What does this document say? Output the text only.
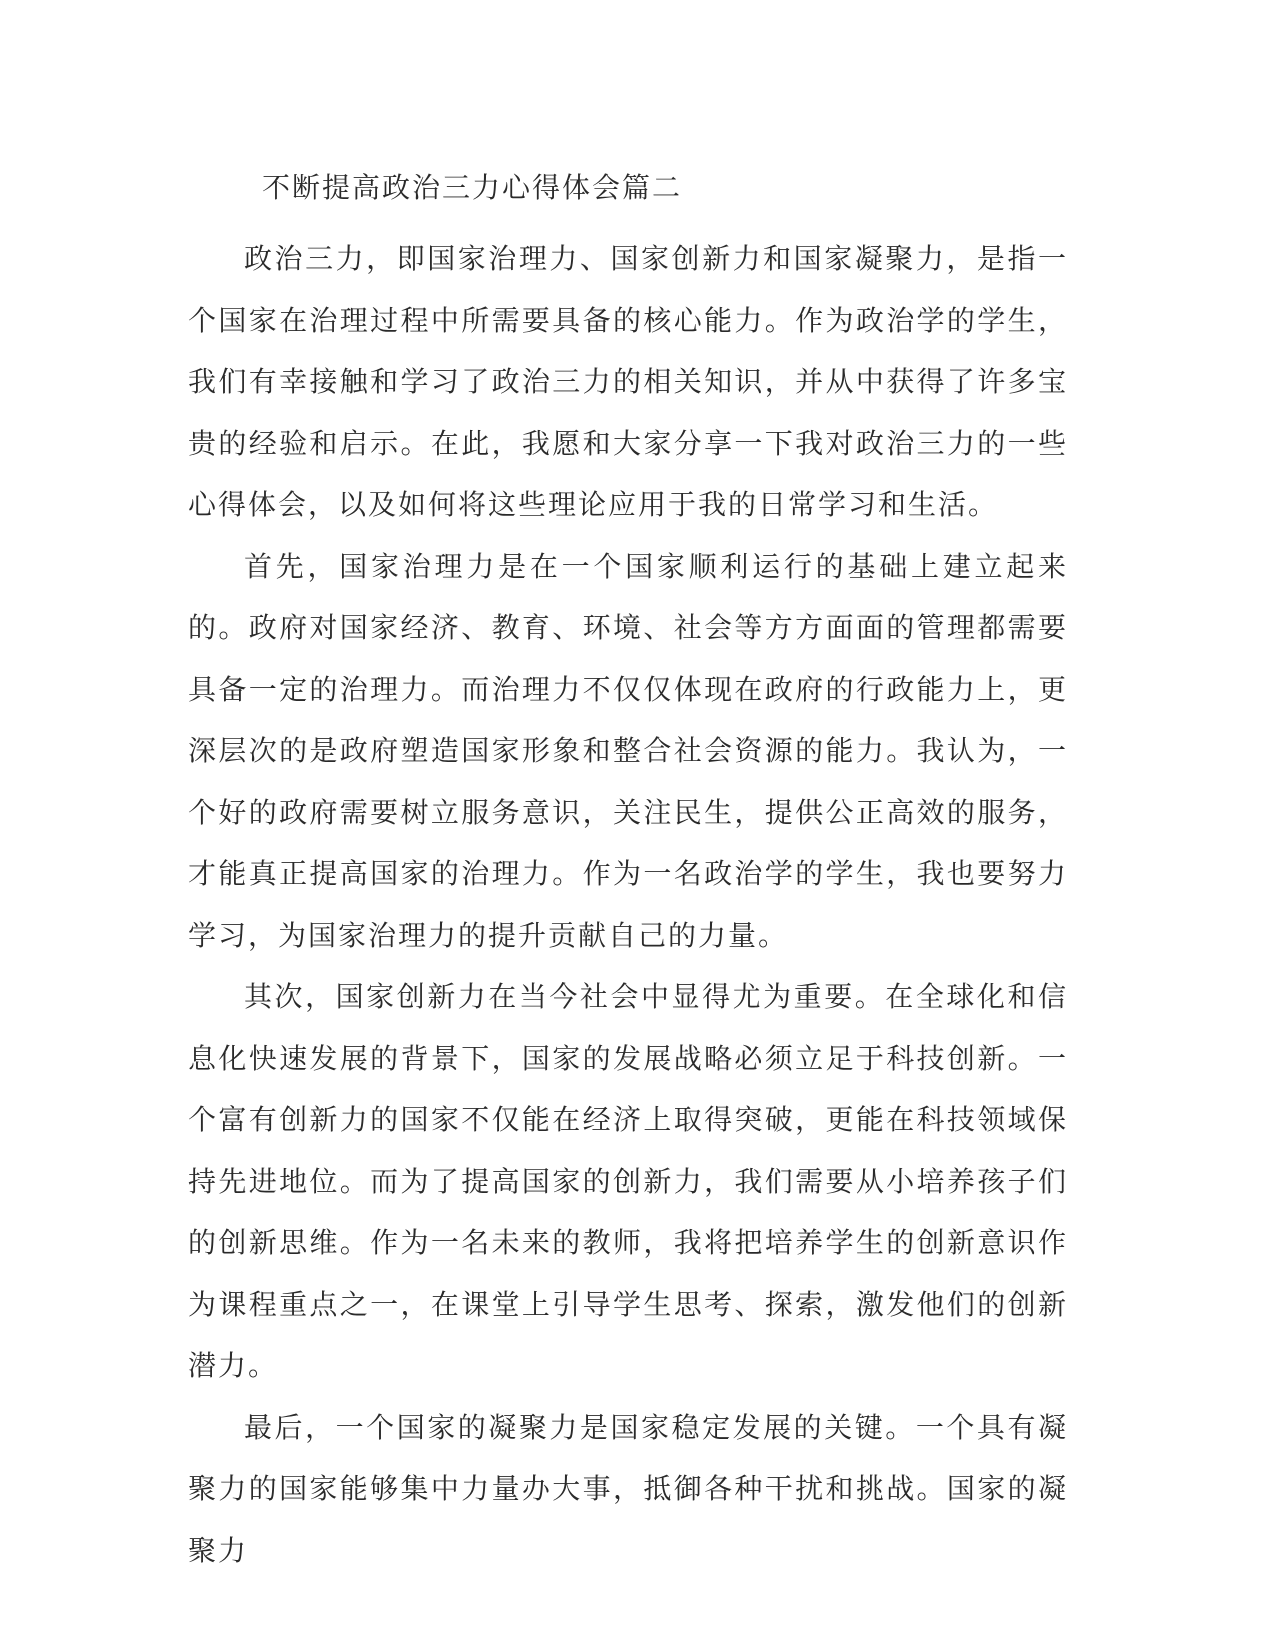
不断提高政治三力心得体会篇二

政治三力，即国家治理力、国家创新力和国家凝聚力，是指一个国家在治理过程中所需要具备的核心能力。作为政治学的学生，我们有幸接触和学习了政治三力的相关知识，并从中获得了许多宝贵的经验和启示。在此，我愿和大家分享一下我对政治三力的一些心得体会，以及如何将这些理论应用于我的日常学习和生活。

首先，国家治理力是在一个国家顺利运行的基础上建立起来的。政府对国家经济、教育、环境、社会等方方面面的管理都需要具备一定的治理力。而治理力不仅仅体现在政府的行政能力上，更深层次的是政府塑造国家形象和整合社会资源的能力。我认为，一个好的政府需要树立服务意识，关注民生，提供公正高效的服务，才能真正提高国家的治理力。作为一名政治学的学生，我也要努力学习，为国家治理力的提升贡献自己的力量。

其次，国家创新力在当今社会中显得尤为重要。在全球化和信息化快速发展的背景下，国家的发展战略必须立足于科技创新。一个富有创新力的国家不仅能在经济上取得突破，更能在科技领域保持先进地位。而为了提高国家的创新力，我们需要从小培养孩子们的创新思维。作为一名未来的教师，我将把培养学生的创新意识作为课程重点之一，在课堂上引导学生思考、探索，激发他们的创新潜力。

最后，一个国家的凝聚力是国家稳定发展的关键。一个具有凝聚力的国家能够集中力量办大事，抵御各种干扰和挑战。国家的凝聚力
